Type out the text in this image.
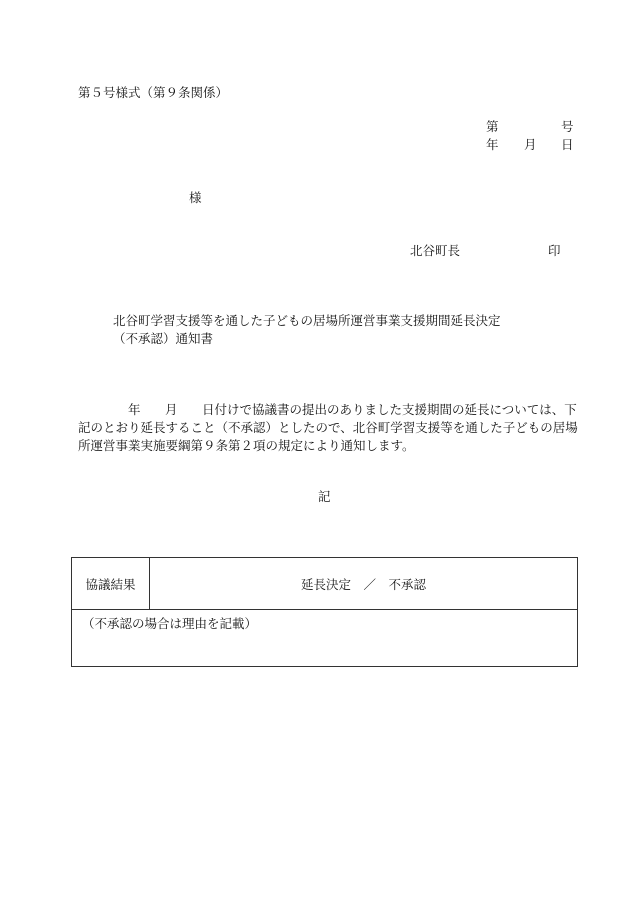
第５号様式（第９条関係）
第	号
年 月 日
様
北谷町長	印
北谷町学習支援等を通した子どもの居場所運営事業支援期間延長決定
（不承認）通知書
年 月 日付けで協議書の提出のありました支援期間の延長については、下
記のとおり延長すること（不承認）としたので、北谷町学習支援等を通した子どもの居場
所運営事業実施要綱第９条第２項の規定により通知します。
記
協議結果	延長決定　／　不承認
（不承認の場合は理由を記載）
